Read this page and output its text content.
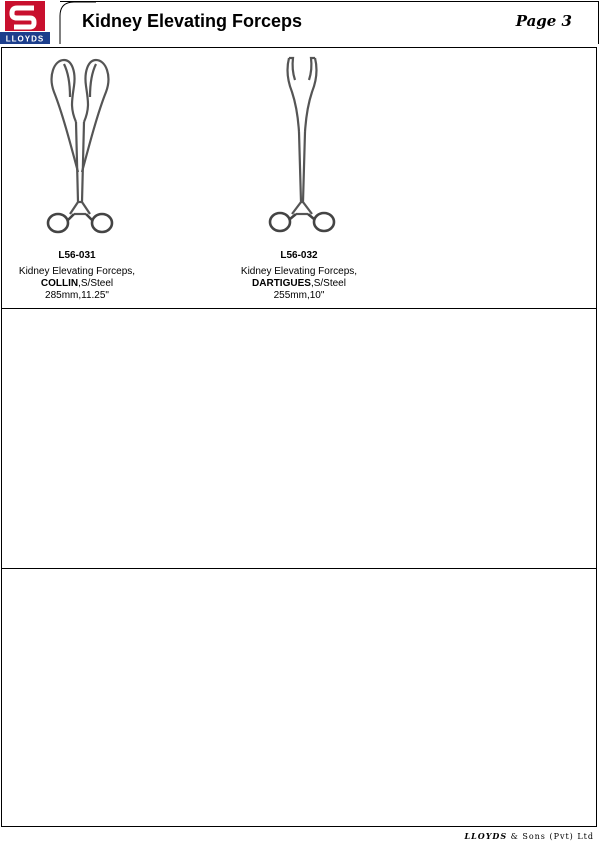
LLOYDS
Kidney Elevating Forceps	Page 3
L56-031
Kidney Elevating Forceps,
COLLIN,S/Steel
285mm,11.25"
L56-032
Kidney Elevating Forceps,
DARTIGUES,S/Steel
255mm,10"
LLOYDS & Sons (Pvt) Ltd
